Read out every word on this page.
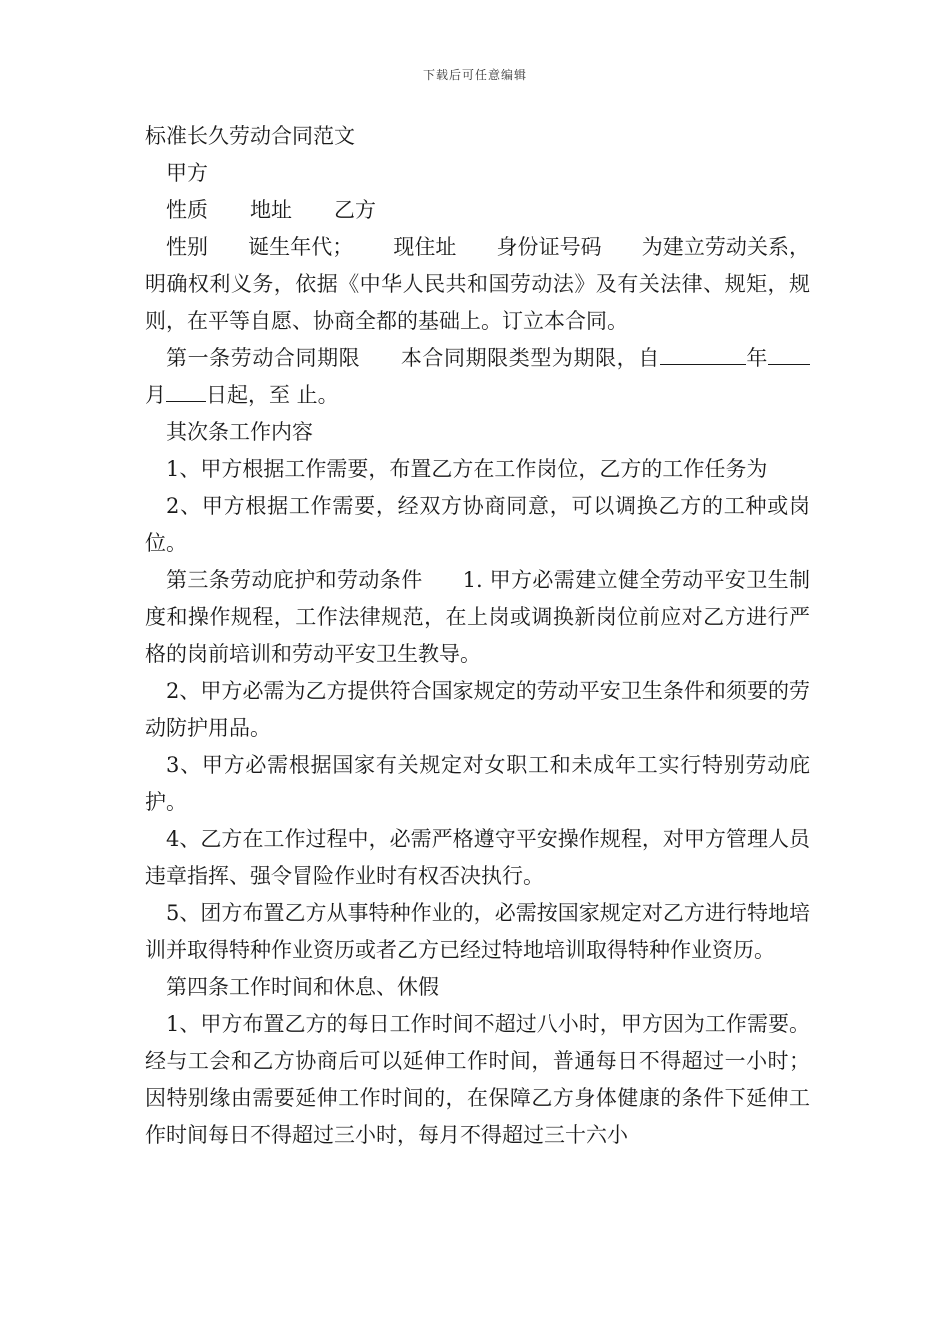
下载后可任意编辑

标准长久劳动合同范文

甲方

性质 地址 乙方

性别 诞生年代； 现住址 身份证号码 为建立劳动关系，明确权利义务，依据《中华人民共和国劳动法》及有关法律、规矩，规则，在平等自愿、协商全都的基础上。订立本合同。

第一条劳动合同期限 本合同期限类型为期限，自	年月 日起，至 止。

其次条工作内容

1、甲方根据工作需要，布置乙方在工作岗位，乙方的工作任务为

2、甲方根据工作需要，经双方协商同意，可以调换乙方的工种或岗位。

第三条劳动庇护和劳动条件 1. 甲方必需建立健全劳动平安卫生制度和操作规程，工作法律规范，在上岗或调换新岗位前应对乙方进行严格的岗前培训和劳动平安卫生教导。

2、甲方必需为乙方提供符合国家规定的劳动平安卫生条件和须要的劳动防护用品。

3、甲方必需根据国家有关规定对女职工和未成年工实行特别劳动庇护。

4、乙方在工作过程中，必需严格遵守平安操作规程，对甲方管理人员违章指挥、强令冒险作业时有权否决执行。

5、团方布置乙方从事特种作业的，必需按国家规定对乙方进行特地培训并取得特种作业资历或者乙方已经过特地培训取得特种作业资历。

第四条工作时间和休息、休假

1、甲方布置乙方的每日工作时间不超过八小时，甲方因为工作需要。经与工会和乙方协商后可以延伸工作时间，普通每日不得超过一小时；因特别缘由需要延伸工作时间的，在保障乙方身体健康的条件下延伸工作时间每日不得超过三小时，每月不得超过三十六小
